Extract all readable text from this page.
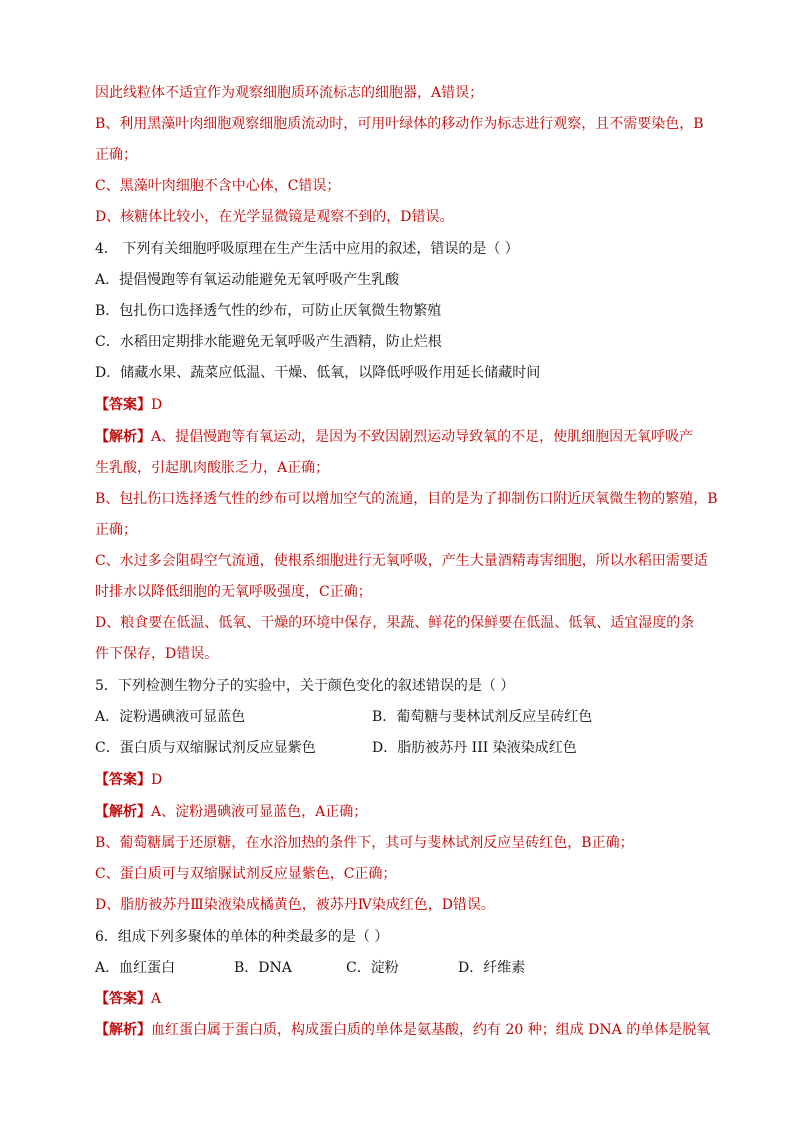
因此线粒体不适宜作为观察细胞质环流标志的细胞器，A错误；
B、利用黑藻叶肉细胞观察细胞质流动时，可用叶绿体的移动作为标志进行观察，且不需要染色，B
正确；
C、黑藻叶肉细胞不含中心体，C错误；
D、核糖体比较小，在光学显微镜是观察不到的，D错误。
4． 下列有关细胞呼吸原理在生产生活中应用的叙述，错误的是（ ）
A．提倡慢跑等有氧运动能避免无氧呼吸产生乳酸
B．包扎伤口选择透气性的纱布，可防止厌氧微生物繁殖
C．水稻田定期排水能避免无氧呼吸产生酒精，防止烂根
D．储藏水果、蔬菜应低温、干燥、低氧，以降低呼吸作用延长储藏时间
【答案】D
【解析】A、提倡慢跑等有氧运动，是因为不致因剧烈运动导致氧的不足，使肌细胞因无氧呼吸产
生乳酸，引起肌肉酸胀乏力，A正确；
B、包扎伤口选择透气性的纱布可以增加空气的流通，目的是为了抑制伤口附近厌氧微生物的繁殖，B
正确；
C、水过多会阻碍空气流通，使根系细胞进行无氧呼吸，产生大量酒精毒害细胞，所以水稻田需要适
时排水以降低细胞的无氧呼吸强度，C正确；
D、粮食要在低温、低氧、干燥的环境中保存，果蔬、鲜花的保鲜要在低温、低氧、适宜湿度的条
件下保存，D错误。
5．下列检测生物分子的实验中，关于颜色变化的叙述错误的是（ ）
A．淀粉遇碘液可显蓝色	B．葡萄糖与斐林试剂反应呈砖红色
C．蛋白质与双缩脲试剂反应显紫色	D．脂肪被苏丹 III 染液染成红色
【答案】D
【解析】A、淀粉遇碘液可显蓝色，A正确；
B、葡萄糖属于还原糖，在水浴加热的条件下，其可与斐林试剂反应呈砖红色，B正确；
C、蛋白质可与双缩脲试剂反应显紫色，C正确；
D、脂肪被苏丹Ⅲ染液染成橘黄色，被苏丹Ⅳ染成红色，D错误。
6．组成下列多聚体的单体的种类最多的是（ ）
A．血红蛋白	B．DNA	C．淀粉	D．纤维素
【答案】A
【解析】血红蛋白属于蛋白质，构成蛋白质的单体是氨基酸，约有 20 种；组成 DNA 的单体是脱氧
